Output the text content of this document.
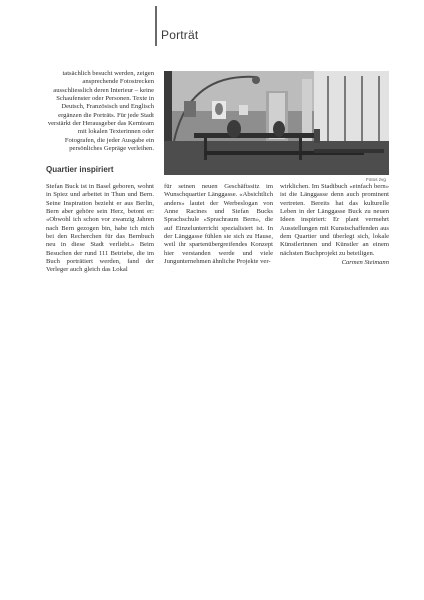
Porträt
tatsächlich besucht werden, zeigen ansprechende Fotostrecken ausschliesslich deren Interieur – keine Schaufenster oder Personen. Texte in Deutsch, Französisch und Englisch ergänzen die Porträts. Für jede Stadt verstärkt der Herausgeber das Kernteam mit lokalen Texterinnen oder Fotografen, die jeder Ausgabe ein persönliches Gepräge verleihen.
Quartier inspiriert
Stefan Buck ist in Basel geboren, wohnt in Spiez und arbeitet in Thun und Bern. Seine Inspiration bezieht er aus Berlin, Bern aber gehöre sein Herz, betont er: «Obwohl ich schon vor zwanzig Jahren nach Bern gezogen bin, habe ich mich bei den Recherchen für das Bernbuch neu in diese Stadt verliebt.» Beim Besuchen der rund 111 Betriebe, die im Buch porträtiert werden, fand der Verleger auch gleich das Lokal
für seinen neuen Geschäftssitz im Wunschquartier Länggasse. «Absichtlich anders» lautet der Werbeslogan von Anne Racines und Stefan Bucks Sprachschule «Sprachraum Bern», die auf Einzelunterricht spezialisiert ist. In der Länggasse fühlen sie sich zu Hause, weil ihr spartenübergreifendes Konzept hier verstanden werde und viele Jungunternehmen ähnliche Projekte ver-
wirklichen. Im Stadtbuch «einfach bern» ist die Länggasse denn auch prominent vertreten. Bereits hat das kulturelle Leben in der Länggasse Buck zu neuen Ideen inspiriert: Er plant vermehrt Ausstellungen mit Kunstschaffenden aus dem Quartier und überlegt sich, lokale Künstlerinnen und Künstler an einem nächsten Buchprojekt zu beteiligen.
Carmen Steimann
Fotos zvg
